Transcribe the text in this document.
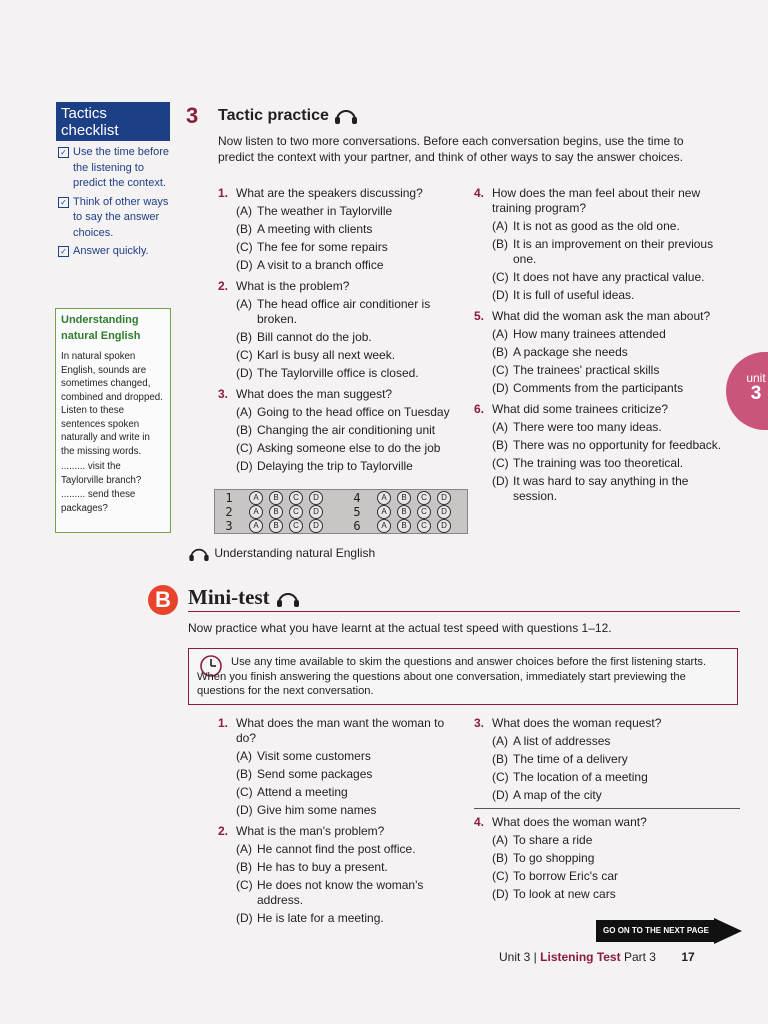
Tactics checklist
✓ Use the time before the listening to predict the context.
✓ Think of other ways to say the answer choices.
✓ Answer quickly.
Understanding natural English

In natural spoken English, sounds are sometimes changed, combined and dropped. Listen to these sentences spoken naturally and write in the missing words.

......... visit the Taylorville branch?

......... send these packages?

3 Tactic practice
Now listen to two more conversations. Before each conversation begins, use the time to predict the context with your partner, and think of other ways to say the answer choices.
1. What are the speakers discussing?
(A) The weather in Taylorville
(B) A meeting with clients
(C) The fee for some repairs
(D) A visit to a branch office
2. What is the problem?
(A) The head office air conditioner is broken.
(B) Bill cannot do the job.
(C) Karl is busy all next week.
(D) The Taylorville office is closed.
3. What does the man suggest?
(A) Going to the head office on Tuesday
(B) Changing the air conditioning unit
(C) Asking someone else to do the job
(D) Delaying the trip to Taylorville
4. How does the man feel about their new training program?
(A) It is not as good as the old one.
(B) It is an improvement on their previous one.
(C) It does not have any practical value.
(D) It is full of useful ideas.
5. What did the woman ask the man about?
(A) How many trainees attended
(B) A package she needs
(C) The trainees' practical skills
(D) Comments from the participants
6. What did some trainees criticize?
(A) There were too many ideas.
(B) There was no opportunity for feedback.
(C) The training was too theoretical.
(D) It was hard to say anything in the session.
1	A	B	C	D	4	A	B	C	D
2	A	B	C	D	5	A	B	C	D
3	A	B	C	D	6	A	B	C	D
Understanding natural English
B Mini-test
Now practice what you have learnt at the actual test speed with questions 1–12.
Use any time available to skim the questions and answer choices before the first listening starts. When you finish answering the questions about one conversation, immediately start previewing the questions for the next conversation.
1. What does the man want the woman to do?
(A) Visit some customers
(B) Send some packages
(C) Attend a meeting
(D) Give him some names
2. What is the man's problem?
(A) He cannot find the post office.
(B) He has to buy a present.
(C) He does not know the woman's address.
(D) He is late for a meeting.
3. What does the woman request?
(A) A list of addresses
(B) The time of a delivery
(C) The location of a meeting
(D) A map of the city
4. What does the woman want?
(A) To share a ride
(B) To go shopping
(C) To borrow Eric's car
(D) To look at new cars
unit
3
GO ON TO THE NEXT PAGE
Unit 3 | Listening Test Part 3 17
